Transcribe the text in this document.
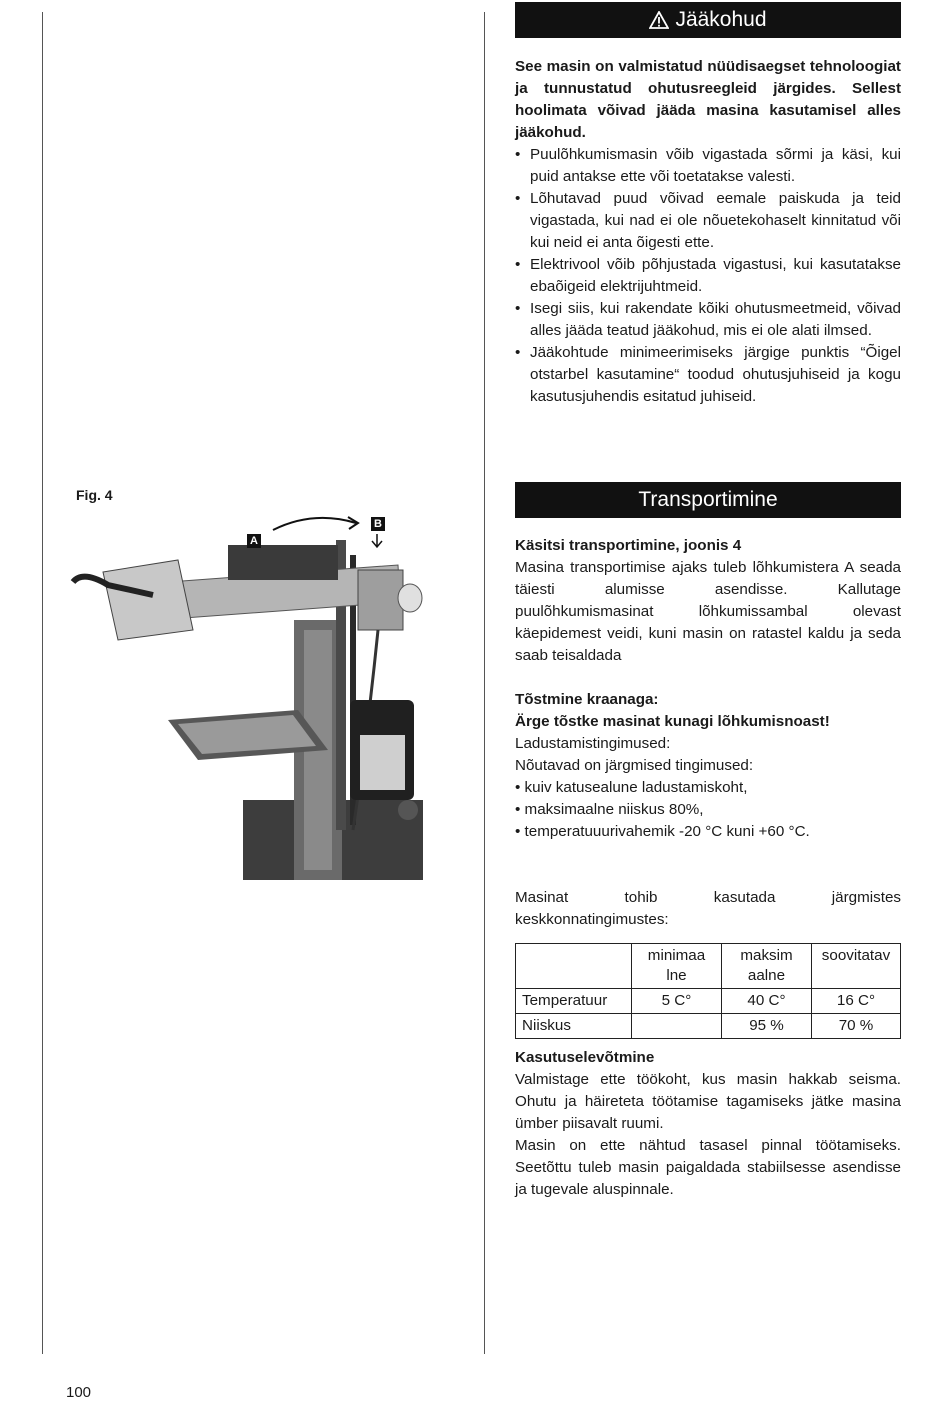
Jääkohud

See masin on valmistatud nüüdisaegset tehnoloogiat ja tunnustatud ohutusreegleid järgides. Sellest hoolimata võivad jääda masina kasutamisel alles jääkohud.

• Puulõhkumismasin võib vigastada sõrmi ja käsi, kui puid antakse ette või toetatakse valesti.
• Lõhutavad puud võivad eemale paiskuda ja teid vigastada, kui nad ei ole nõuetekohaselt kinnitatud või kui neid ei anta õigesti ette.
• Elektrivool võib põhjustada vigastusi, kui kasutatakse ebaõigeid elektrijuhtmeid.
• Isegi siis, kui rakendate kõiki ohutusmeetmeid, võivad alles jääda teatud jääkohud, mis ei ole alati ilmsed.
• Jääkohtude minimeerimiseks järgige punktis “Õigel otstarbel kasutamine“ toodud ohutusjuhiseid ja kogu kasutusjuhendis esitatud juhiseid.
Transportimine

Käsitsi transportimine, joonis 4

Masina transportimise ajaks tuleb lõhkumistera A seada täiesti alumisse asendisse. Kallutage puulõhkumismasinat lõhkumissambal olevast käepidemest veidi, kuni masin on ratastel kaldu ja seda saab teisaldada

Tõstmine kraanaga:

Ärge tõstke masinat kunagi lõhkumisnoast!

Ladustamistingimused:

Nõutavad on järgmised tingimused:

• kuiv katusealune ladustamiskoht,

• maksimaalne niiskus 80%,

• temperatuuurivahemik -20 °C kuni +60 °C.

Masinat tohib kasutada järgmistes keskkonnatingimustes:

	minimaalne	maksimaalne	soovitatav
Temperatuur	5 C°	40 C°	16 C°
Niiskus		95 %	70 %

Kasutuselevõtmine

Valmistage ette töökoht, kus masin hakkab seisma. Ohutu ja häireteta töötamise tagamiseks jätke masina ümber piisavalt ruumi.

Masin on ette nähtud tasasel pinnal töötamiseks. Seetõttu tuleb masin paigaldada stabiilsesse asendisse ja tugevale aluspinnale.

Fig. 4
A
B
100
